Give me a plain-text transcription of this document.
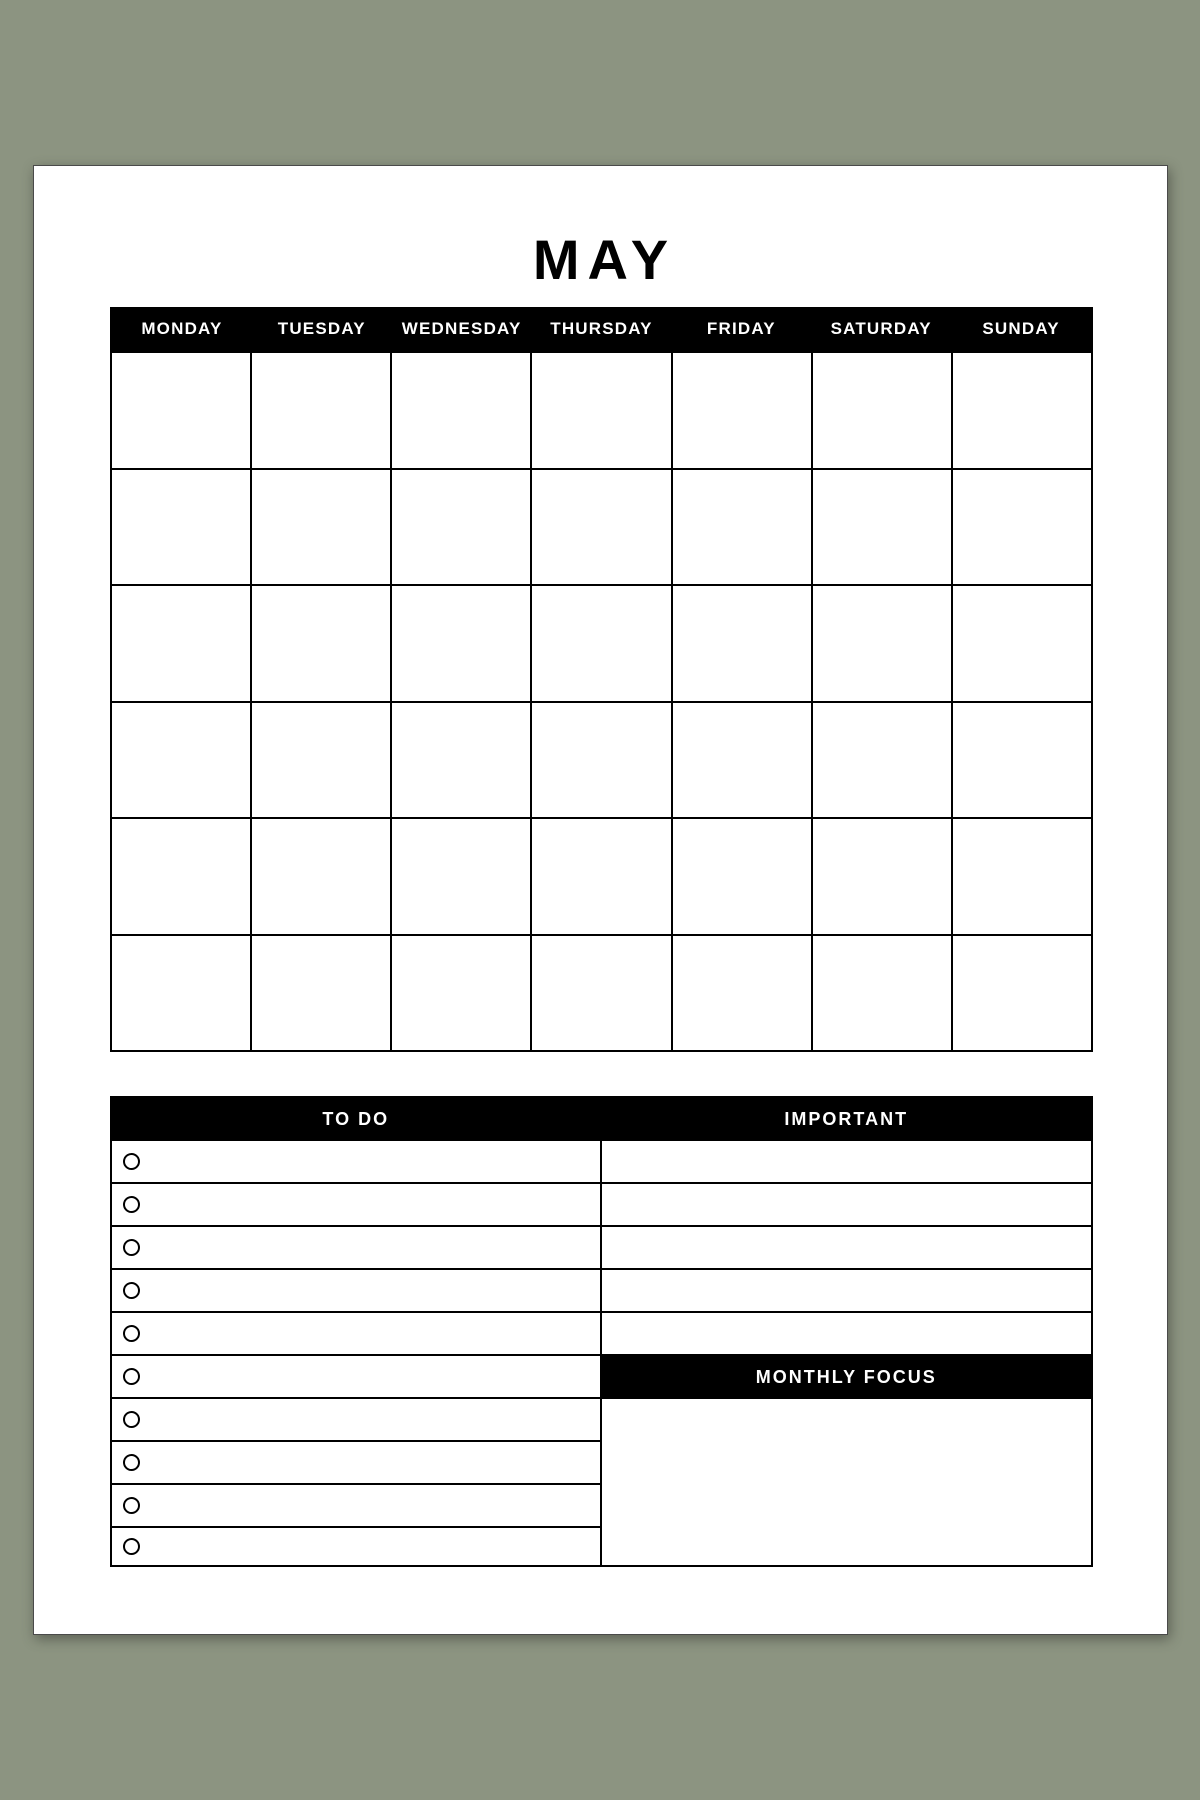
MAY
MONDAY	TUESDAY	WEDNESDAY	THURSDAY	FRIDAY	SATURDAY	SUNDAY
TO DO	IMPORTANT
MONTHLY FOCUS
